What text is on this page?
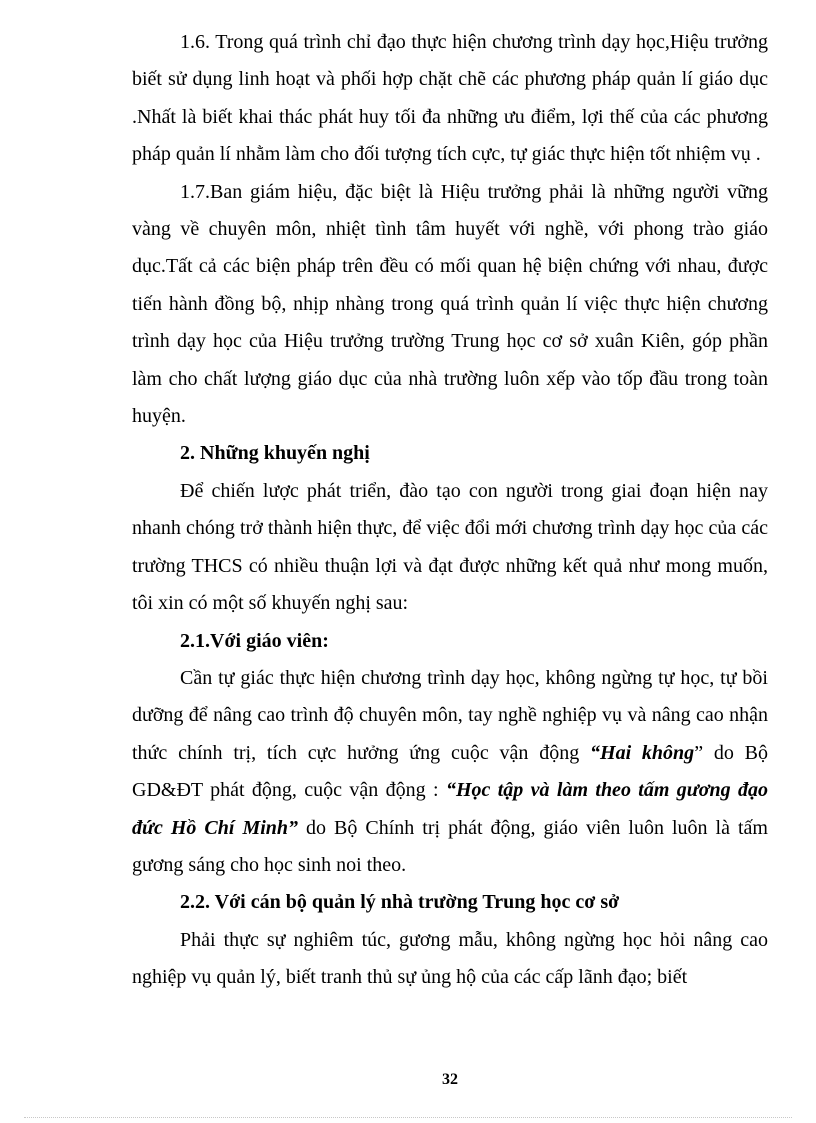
1.6. Trong quá trình chỉ đạo thực hiện chương trình dạy học,Hiệu trưởng biết sử dụng linh hoạt và phối hợp chặt chẽ các phương pháp quản lí giáo dục .Nhất là biết khai thác phát huy tối đa những ưu điểm, lợi thế của các phương pháp quản lí nhằm làm cho đối tượng tích cực, tự giác thực hiện tốt nhiệm vụ .

1.7.Ban giám hiệu, đặc biệt là Hiệu trưởng phải là những người vững vàng về chuyên môn, nhiệt tình tâm huyết với nghề, với phong trào giáo dục.Tất cả các biện pháp trên đều có mối quan hệ biện chứng với nhau, được tiến hành đồng bộ, nhịp nhàng trong quá trình quản lí việc thực hiện chương trình dạy học của Hiệu trưởng trường Trung học cơ sở xuân Kiên, góp phần làm cho chất lượng giáo dục của nhà trường luôn xếp vào tốp đầu trong toàn huyện.

2. Những khuyến nghị

Để chiến lược phát triển, đào tạo con người trong giai đoạn hiện nay nhanh chóng trở thành hiện thực, để việc đổi mới chương trình dạy học của các trường THCS có nhiều thuận lợi và đạt được những kết quả như mong muốn, tôi xin có một số khuyến nghị sau:

2.1.Với giáo viên:

Cần tự giác thực hiện chương trình dạy học, không ngừng tự học, tự bồi dưỡng để nâng cao trình độ chuyên môn, tay nghề nghiệp vụ và nâng cao nhận thức chính trị, tích cực hưởng ứng cuộc vận động “Hai không” do Bộ GD&ĐT phát động, cuộc vận động : “Học tập và làm theo tấm gương đạo đức Hồ Chí Minh” do Bộ Chính trị phát động, giáo viên luôn luôn là tấm gương sáng cho học sinh noi theo.

2.2. Với cán bộ quản lý nhà trường Trung học cơ sở

Phải thực sự nghiêm túc, gương mẫu, không ngừng học hỏi nâng cao nghiệp vụ quản lý, biết tranh thủ sự ủng hộ của các cấp lãnh đạo; biết

32
